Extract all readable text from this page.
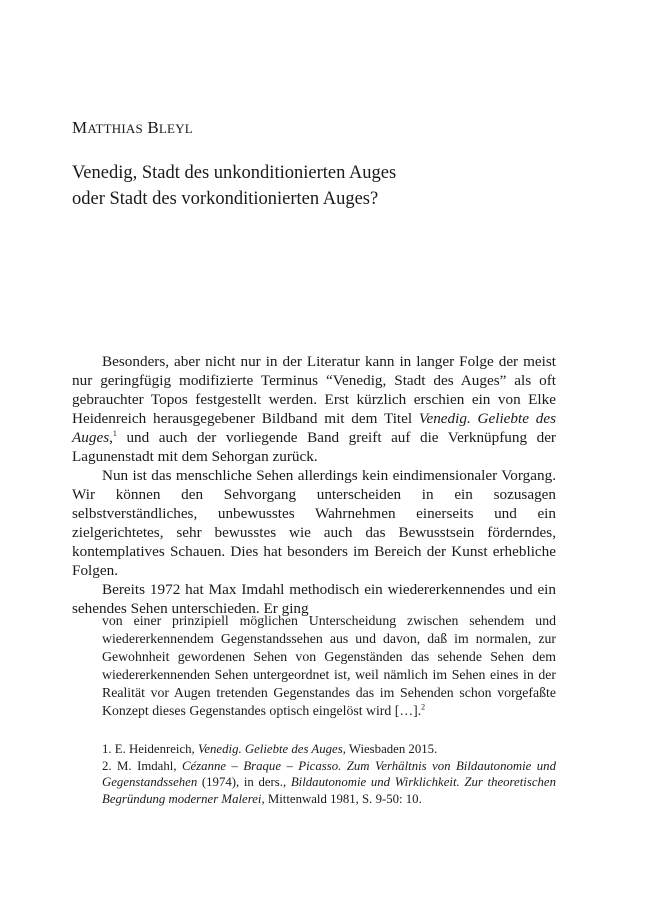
MATTHIAS BLEYL
Venedig, Stadt des unkonditionierten Auges
oder Stadt des vorkonditionierten Auges?

Besonders, aber nicht nur in der Literatur kann in langer Folge der meist nur geringfügig modifizierte Terminus “Venedig, Stadt des Auges” als oft gebrauchter Topos festgestellt werden. Erst kürzlich erschien ein von Elke Heidenreich herausgegebener Bildband mit dem Titel Venedig. Geliebte des Auges,$^1$ und auch der vorliegende Band greift auf die Verknüpfung der Lagunenstadt mit dem Sehorgan zurück.

Nun ist das menschliche Sehen allerdings kein eindimensionaler Vorgang. Wir können den Sehvorgang unterscheiden in ein sozusagen selbstverständliches, unbewusstes Wahrnehmen einerseits und ein zielgerichtetes, sehr bewusstes wie auch das Bewusstsein förderndes, kontemplatives Schauen. Dies hat besonders im Bereich der Kunst erhebliche Folgen.

Bereits 1972 hat Max Imdahl methodisch ein wiedererkennendes und ein sehendes Sehen unterschieden. Er ging

von einer prinzipiell möglichen Unterscheidung zwischen sehendem und wiedererkennendem Gegenstandssehen aus und davon, daß im normalen, zur Gewohnheit gewordenen Sehen von Gegenständen das sehende Sehen dem wiedererkennenden Sehen untergeordnet ist, weil nämlich im Sehen eines in der Realität vor Augen tretenden Gegenstandes das im Sehenden schon vorgefaßte Konzept dieses Gegenstandes optisch eingelöst wird […].$^2$

1. E. Heidenreich, Venedig. Geliebte des Auges, Wiesbaden 2015.

2. M. Imdahl, Cézanne – Braque – Picasso. Zum Verhältnis von Bildautonomie und Gegenstandssehen (1974), in ders., Bildautonomie und Wirklichkeit. Zur theoretischen Begründung moderner Malerei, Mittenwald 1981, S. 9-50: 10.
